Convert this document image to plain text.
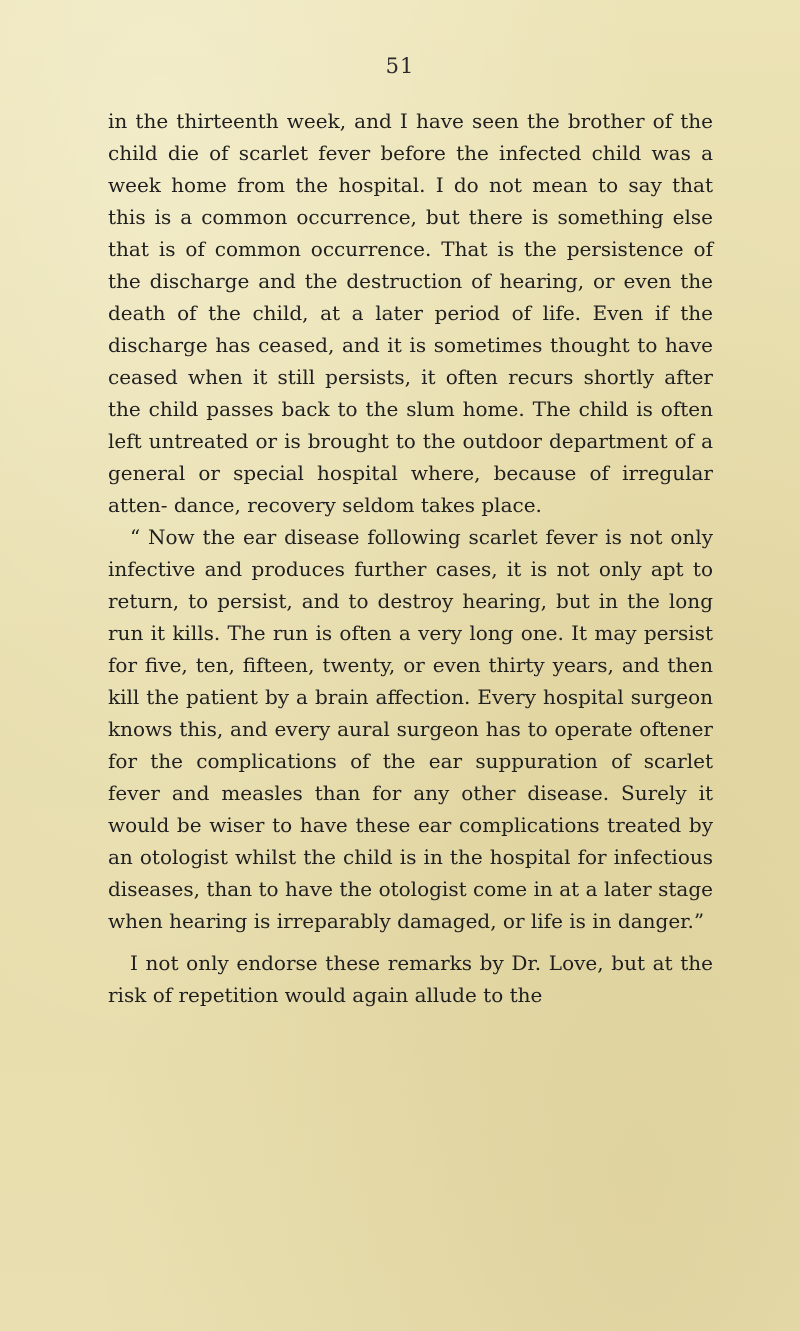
51

in the thirteenth week, and I have seen the brother of the child die of scarlet fever before the infected child was a week home from the hospital. I do not mean to say that this is a common occurrence, but there is something else that is of common occurrence. That is the persistence of the discharge and the destruction of hearing, or even the death of the child, at a later period of life. Even if the discharge has ceased, and it is sometimes thought to have ceased when it still persists, it often recurs shortly after the child passes back to the slum home. The child is often left untreated or is brought to the outdoor department of a general or special hospital where, because of irregular atten- dance, recovery seldom takes place.

“ Now the ear disease following scarlet fever is not only infective and produces further cases, it is not only apt to return, to persist, and to destroy hearing, but in the long run it kills. The run is often a very long one. It may persist for five, ten, fifteen, twenty, or even thirty years, and then kill the patient by a brain affection. Every hospital surgeon knows this, and every aural surgeon has to operate oftener for the complications of the ear suppuration of scarlet fever and measles than for any other disease. Surely it would be wiser to have these ear complications treated by an otologist whilst the child is in the hospital for infectious diseases, than to have the otologist come in at a later stage when hearing is irreparably damaged, or life is in danger.”

I not only endorse these remarks by Dr. Love, but at the risk of repetition would again allude to the
